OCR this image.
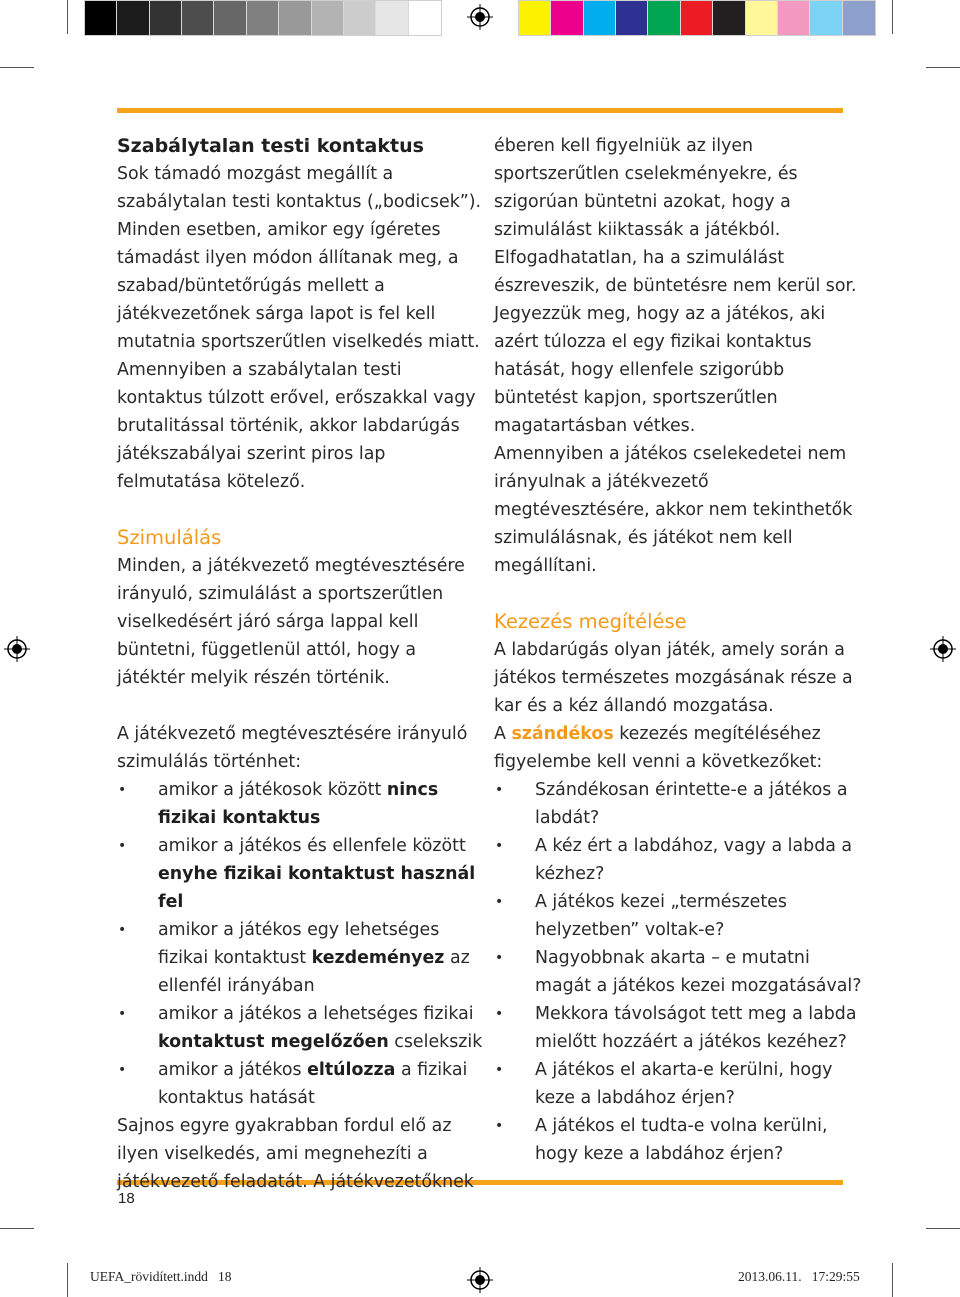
Szabálytalan testi kontaktus

Sok támadó mozgást megállít a szabálytalan testi kontaktus („bodicsek”). Minden esetben, amikor egy ígéretes támadást ilyen módon állítanak meg, a szabad/büntetőrúgás mellett a játékvezetőnek sárga lapot is fel kell mutatnia sportszerűtlen viselkedés miatt. Amennyiben a szabálytalan testi kontaktus túlzott erővel, erőszakkal vagy brutalitással történik, akkor labdarúgás játékszabályai szerint piros lap felmutatása kötelező.

Szimulálás

Minden, a játékvezető megtévesztésére irányuló, szimulálást a sportszerűtlen viselkedésért járó sárga lappal kell büntetni, függetlenül attól, hogy a játéktér melyik részén történik.

A játékvezető megtévesztésére irányuló szimulálás történhet:

• amikor a játékosok között nincs fizikai kontaktus
• amikor a játékos és ellenfele között enyhe fizikai kontaktust használ fel
• amikor a játékos egy lehetséges fizikai kontaktust kezdeményez az ellenfél irányában
• amikor a játékos a lehetséges fizikai kontaktust megelőzően cselekszik
• amikor a játékos eltúlozza a fizikai kontaktus hatását

Sajnos egyre gyakrabban fordul elő az ilyen viselkedés, ami megnehezíti a játékvezető feladatát. A játékvezetőknek

éberen kell figyelniük az ilyen sportszerűtlen cselekményekre, és szigorúan büntetni azokat, hogy a szimulálást kiiktassák a játékból. Elfogadhatatlan, ha a szimulálást észreveszik, de büntetésre nem kerül sor. Jegyezzük meg, hogy az a játékos, aki azért túlozza el egy fizikai kontaktus hatását, hogy ellenfele szigorúbb büntetést kapjon, sportszerűtlen magatartásban vétkes.

Amennyiben a játékos cselekedetei nem irányulnak a játékvezető megtévesztésére, akkor nem tekinthetők szimulálásnak, és játékot nem kell megállítani.

Kezezés megítélése

A labdarúgás olyan játék, amely során a játékos természetes mozgásának része a kar és a kéz állandó mozgatása.

A szándékos kezezés megítéléséhez figyelembe kell venni a következőket:

• Szándékosan érintette-e a játékos a labdát?
• A kéz ért a labdához, vagy a labda a kézhez?
• A játékos kezei „természetes helyzetben” voltak-e?
• Nagyobbnak akarta – e mutatni magát a játékos kezei mozgatásával?
• Mekkora távolságot tett meg a labda mielőtt hozzáért a játékos kezéhez?
• A játékos el akarta-e kerülni, hogy keze a labdához érjen?
• A játékos el tudta-e volna kerülni, hogy keze a labdához érjen?
18
UEFA_rövidített.indd   18	2013.06.11.   17:29:55
